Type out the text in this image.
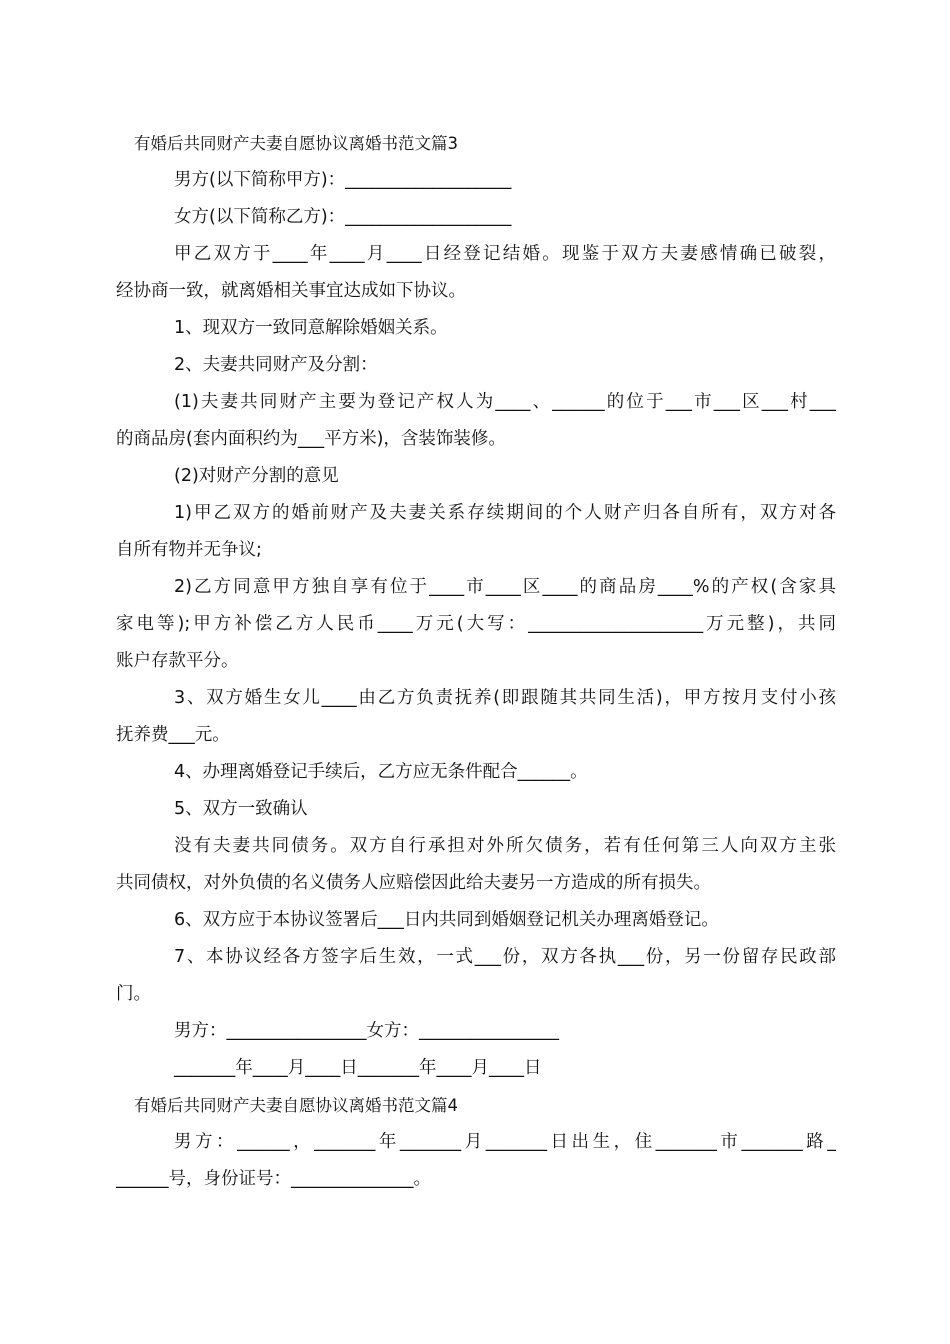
有婚后共同财产夫妻自愿协议离婚书范文篇3
男方(以下简称甲方)：___________________
女方(以下简称乙方)：___________________
甲乙双方于____年____月____日经登记结婚。现鉴于双方夫妻感情确已破裂，
经协商一致，就离婚相关事宜达成如下协议。
1、现双方一致同意解除婚姻关系。
2、夫妻共同财产及分割：
(1)夫妻共同财产主要为登记产权人为____、______的位于___市___区___村___
的商品房(套内面积约为___平方米)，含装饰装修。
(2)对财产分割的意见
1)甲乙双方的婚前财产及夫妻关系存续期间的个人财产归各自所有，双方对各
自所有物并无争议;
2)乙方同意甲方独自享有位于____市____区____的商品房____%的产权(含家具
家电等);甲方补偿乙方人民币____万元(大写：____________________万元整)，共同
账户存款平分。
3、双方婚生女儿____由乙方负责抚养(即跟随其共同生活)，甲方按月支付小孩
抚养费___元。
4、办理离婚登记手续后，乙方应无条件配合______。
5、双方一致确认
没有夫妻共同债务。双方自行承担对外所欠债务，若有任何第三人向双方主张
共同债权，对外负债的名义债务人应赔偿因此给夫妻另一方造成的所有损失。
6、双方应于本协议签署后___日内共同到婚姻登记机关办理离婚登记。
7、本协议经各方签字后生效，一式___份，双方各执___份，另一份留存民政部
门。
男方：________________女方：________________
_______年____月____日_______年____月____日
有婚后共同财产夫妻自愿协议离婚书范文篇4
男方：______，_______年_______月_______日出生，住_______市_______路_
______号，身份证号：______________。
